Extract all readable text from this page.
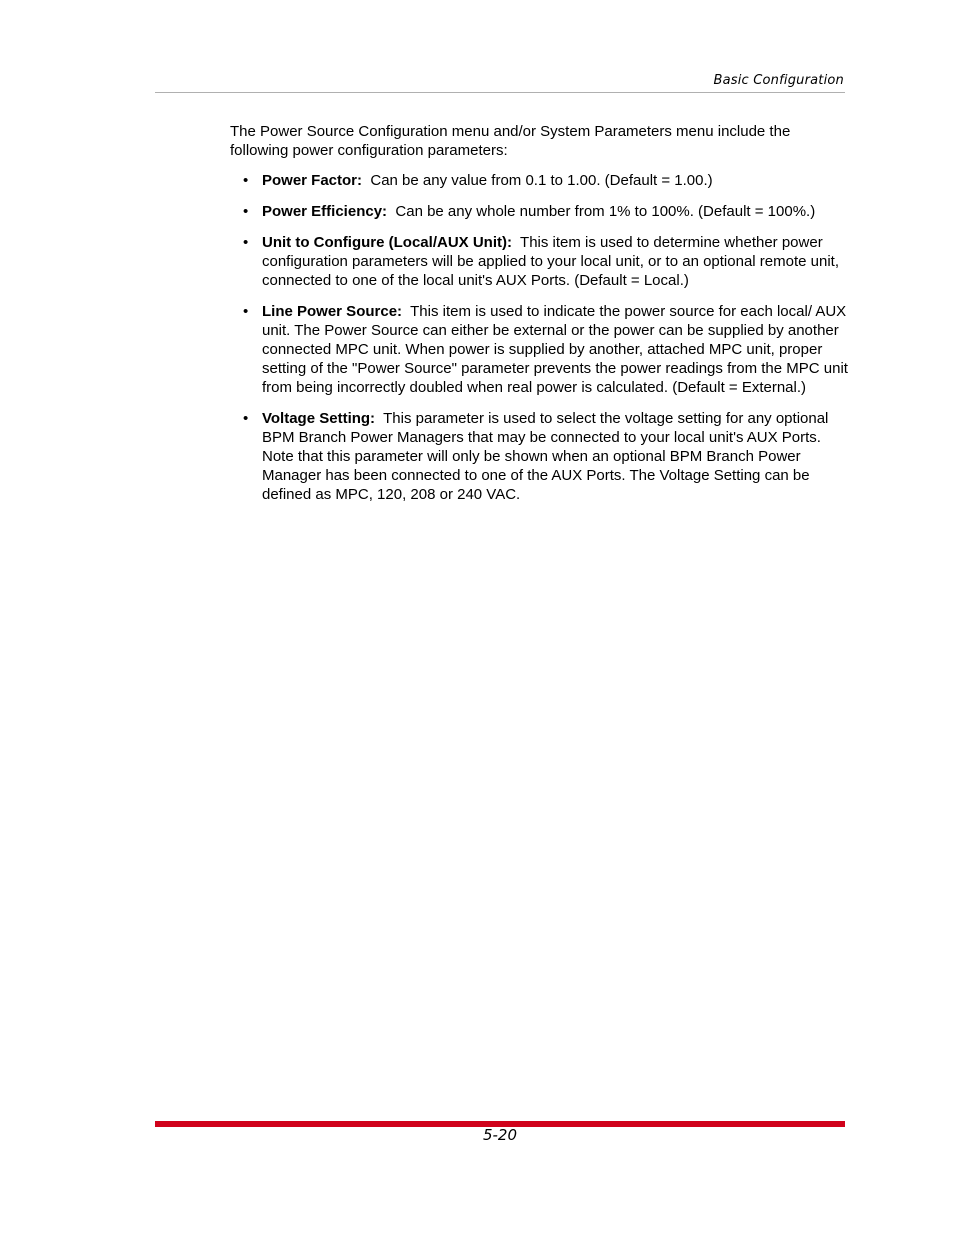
Basic Configuration

The Power Source Configuration menu and/or System Parameters menu include the following power configuration parameters:

• Power Factor: Can be any value from 0.1 to 1.00. (Default = 1.00.)
• Power Efficiency: Can be any whole number from 1% to 100%. (Default = 100%.)
• Unit to Configure (Local/AUX Unit): This item is used to determine whether power configuration parameters will be applied to your local unit, or to an optional remote unit, connected to one of the local unit's AUX Ports. (Default = Local.)
• Line Power Source: This item is used to indicate the power source for each local/ AUX unit. The Power Source can either be external or the power can be supplied by another connected MPC unit. When power is supplied by another, attached MPC unit, proper setting of the "Power Source" parameter prevents the power readings from the MPC unit from being incorrectly doubled when real power is calculated. (Default = External.)
• Voltage Setting: This parameter is used to select the voltage setting for any optional BPM Branch Power Managers that may be connected to your local unit's AUX Ports. Note that this parameter will only be shown when an optional BPM Branch Power Manager has been connected to one of the AUX Ports. The Voltage Setting can be defined as MPC, 120, 208 or 240 VAC.
5-20
